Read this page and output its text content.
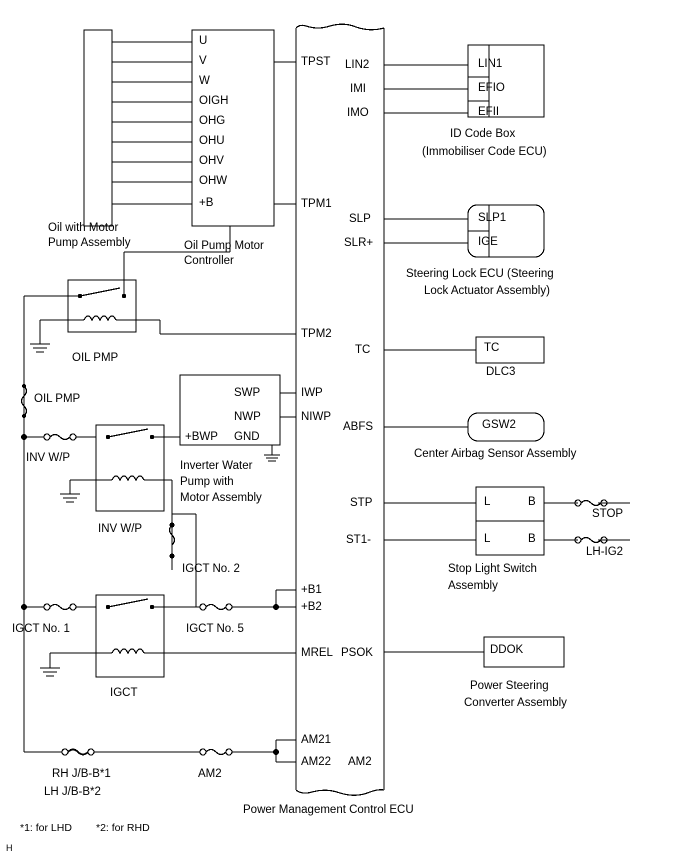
U
V
W
OIGH
OHG
OHU
OHV
OHW
+B
Oil with Motor
Pump Assembly	Oil Pump Motor
Controller
TPST
TPM1
TPM2
IWP
NIWP
+B1
+B2
MREL
AM21
AM22
LIN2
IMI
IMO
SLP
SLR+
TC
ABFS
STP
ST1-
PSOK
AM2
Power Management Control ECU
LIN1
EFIO
EFII
ID Code Box
(Immobiliser Code ECU)
SLP1
IGE
Steering Lock ECU (Steering
Lock Actuator Assembly)
TC
DLC3
GSW2
Center Airbag Sensor Assembly
L	B
L	B
STOP
LH-IG2
Stop Light Switch
Assembly
DDOK
Power Steering
Converter Assembly
SWP
NWP
+BWP GND
Inverter Water
Pump with
Motor Assembly
OIL PMP
OIL PMP
INV W/P
INV W/P
IGCT No. 2
IGCT No. 1	IGCT No. 5
IGCT
RH J/B-B*1
LH J/B-B*2
AM2
*1: for LHD *2: for RHD
H
